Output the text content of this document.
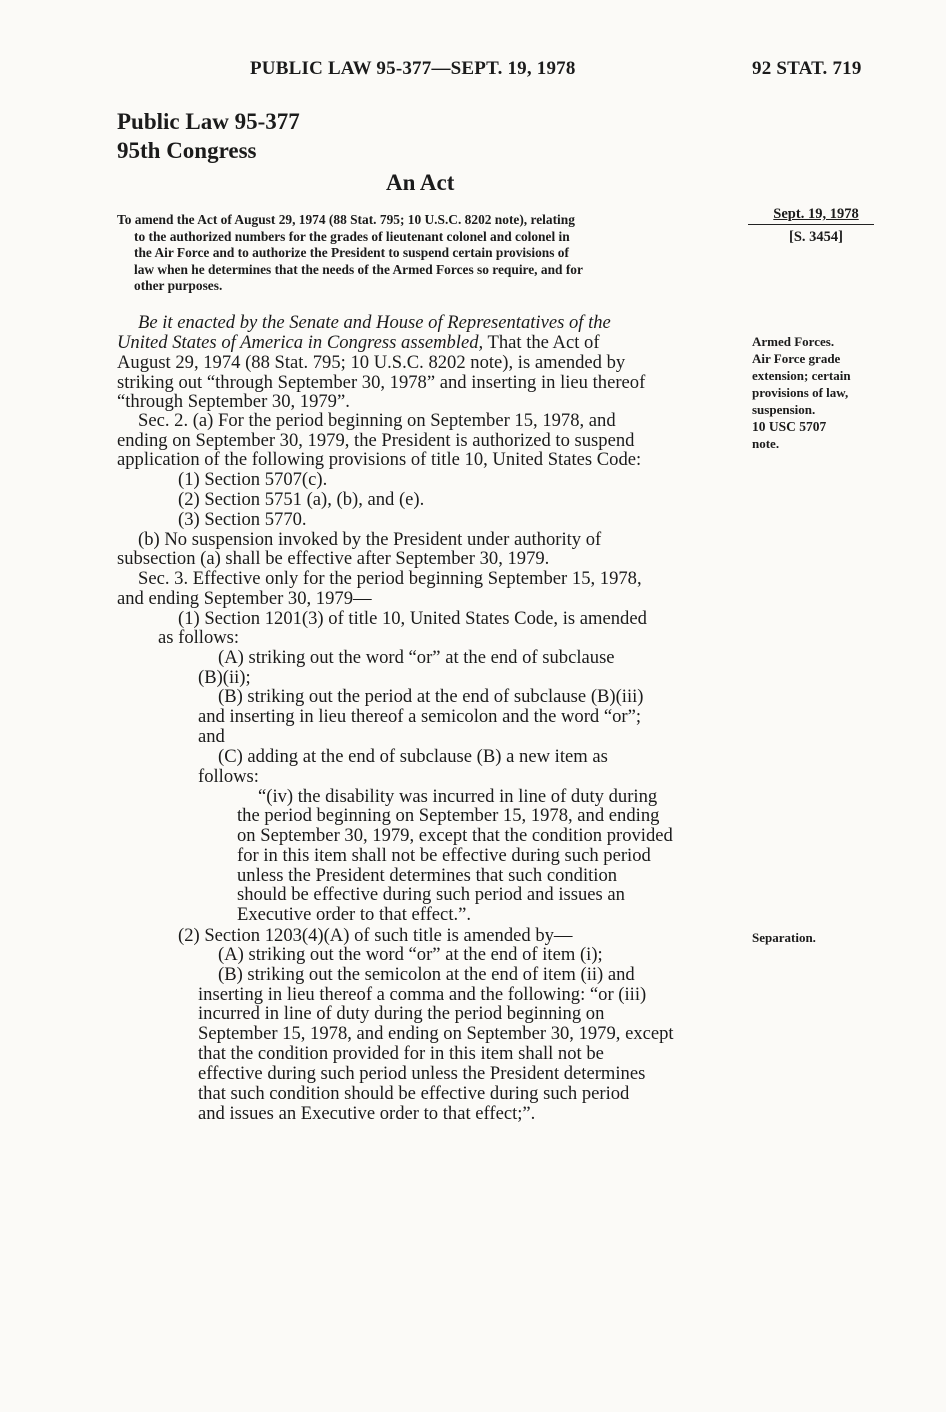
PUBLIC LAW 95-377—SEPT. 19, 1978	92 STAT. 719
Public Law 95-377
95th Congress
An Act
To amend the Act of August 29, 1974 (88 Stat. 795; 10 U.S.C. 8202 note), relating
to the authorized numbers for the grades of lieutenant colonel and colonel in
the Air Force and to authorize the President to suspend certain provisions of
law when he determines that the needs of the Armed Forces so require, and for
other purposes.
Sept. 19, 1978
[S. 3454]
Armed Forces.
Air Force grade
extension; certain
provisions of law,
suspension.
10 USC 5707
note.
Separation.
Be it enacted by the Senate and House of Representatives of the
United States of America in Congress assembled, That the Act of
August 29, 1974 (88 Stat. 795; 10 U.S.C. 8202 note), is amended by
striking out “through September 30, 1978” and inserting in lieu thereof
“through September 30, 1979”.
Sec. 2. (a) For the period beginning on September 15, 1978, and
ending on September 30, 1979, the President is authorized to suspend
application of the following provisions of title 10, United States Code:
(1) Section 5707(c).
(2) Section 5751 (a), (b), and (e).
(3) Section 5770.
(b) No suspension invoked by the President under authority of
subsection (a) shall be effective after September 30, 1979.
Sec. 3. Effective only for the period beginning September 15, 1978,
and ending September 30, 1979—
(1) Section 1201(3) of title 10, United States Code, is amended
as follows:
(A) striking out the word “or” at the end of subclause
(B)(ii);
(B) striking out the period at the end of subclause (B)(iii)
and inserting in lieu thereof a semicolon and the word “or”;
and
(C) adding at the end of subclause (B) a new item as
follows:
“(iv) the disability was incurred in line of duty during
the period beginning on September 15, 1978, and ending
on September 30, 1979, except that the condition provided
for in this item shall not be effective during such period
unless the President determines that such condition
should be effective during such period and issues an
Executive order to that effect.”.
(2) Section 1203(4)(A) of such title is amended by—
(A) striking out the word “or” at the end of item (i);
(B) striking out the semicolon at the end of item (ii) and
inserting in lieu thereof a comma and the following: “or (iii)
incurred in line of duty during the period beginning on
September 15, 1978, and ending on September 30, 1979, except
that the condition provided for in this item shall not be
effective during such period unless the President determines
that such condition should be effective during such period
and issues an Executive order to that effect;”.
